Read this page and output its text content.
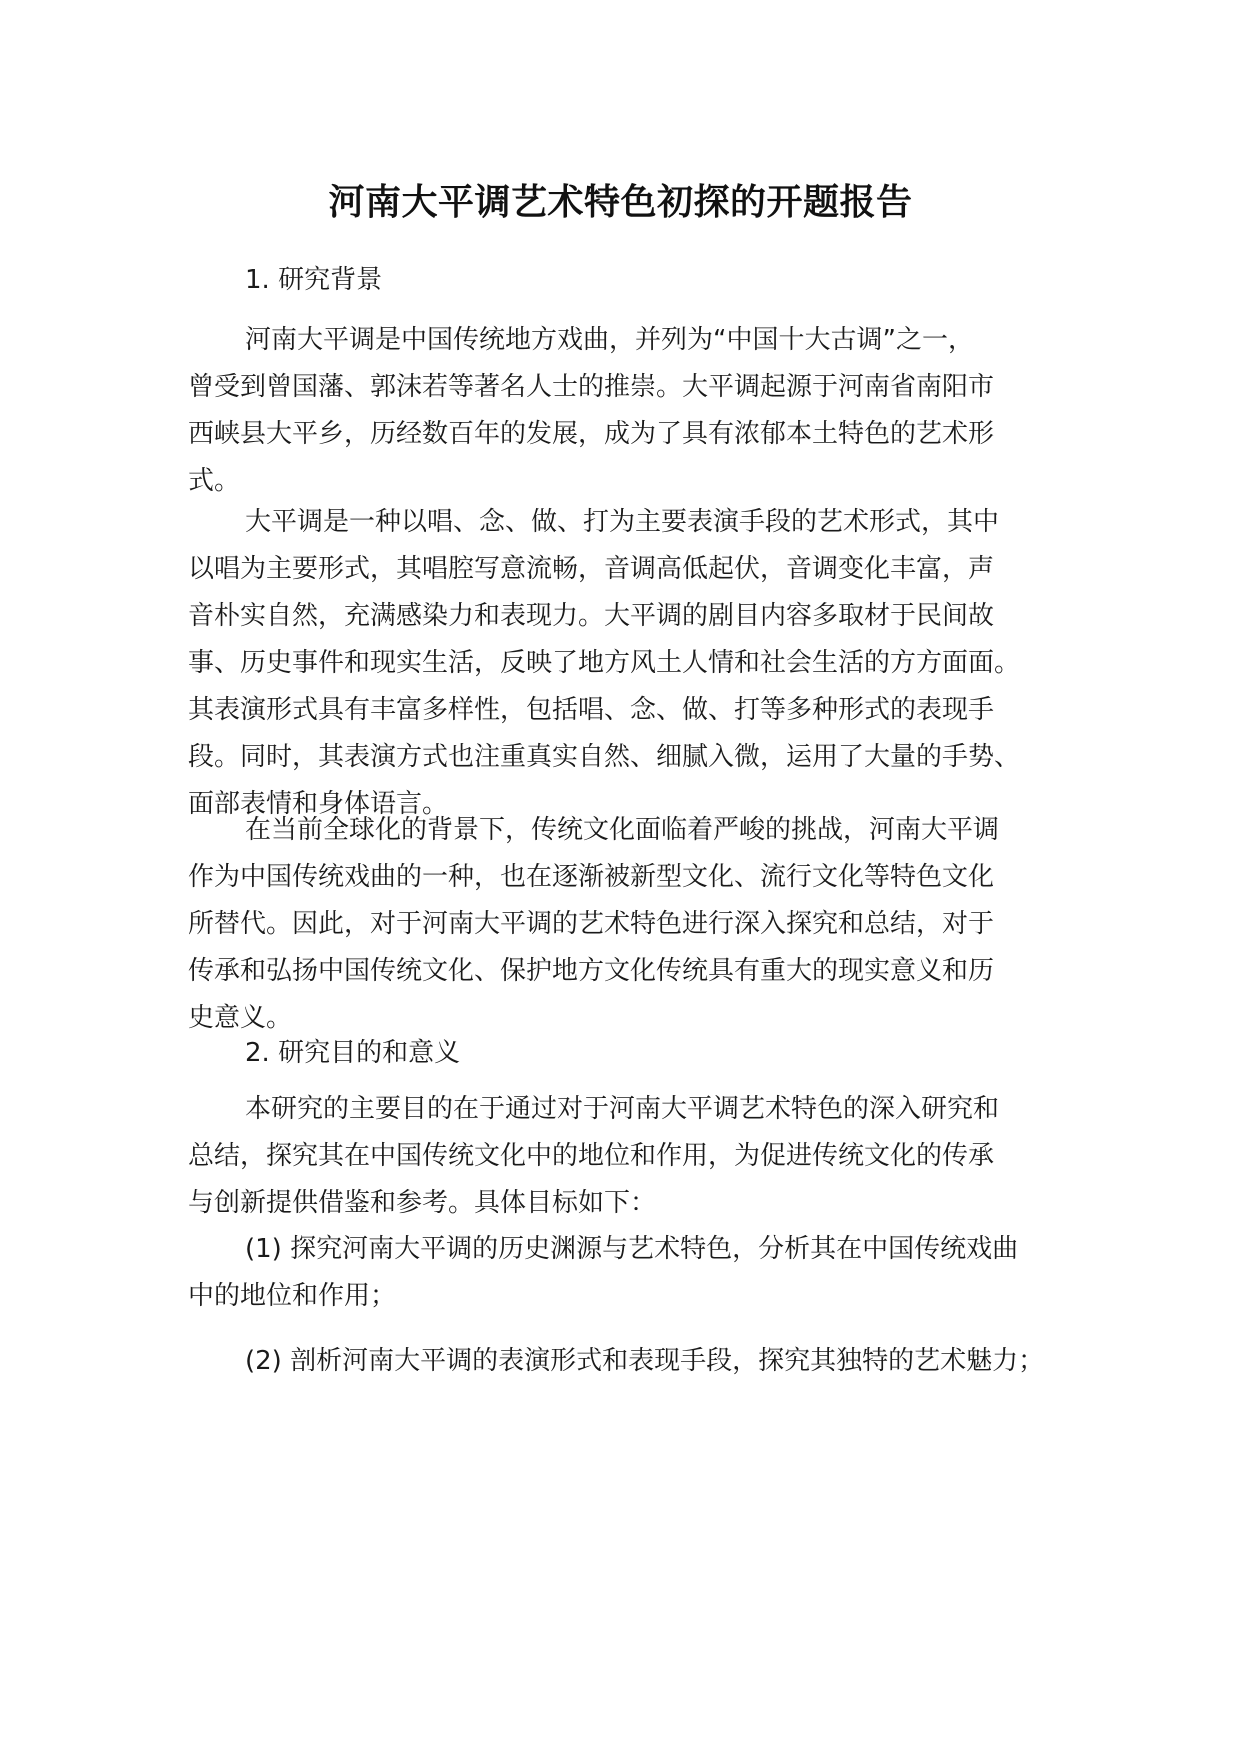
河南大平调艺术特色初探的开题报告
1. 研究背景
河南大平调是中国传统地方戏曲，并列为“中国十大古调”之一，
曾受到曾国藩、郭沫若等著名人士的推崇。大平调起源于河南省南阳市
西峡县大平乡，历经数百年的发展，成为了具有浓郁本土特色的艺术形
式。
大平调是一种以唱、念、做、打为主要表演手段的艺术形式，其中
以唱为主要形式，其唱腔写意流畅，音调高低起伏，音调变化丰富，声
音朴实自然，充满感染力和表现力。大平调的剧目内容多取材于民间故
事、历史事件和现实生活，反映了地方风土人情和社会生活的方方面面。
其表演形式具有丰富多样性，包括唱、念、做、打等多种形式的表现手
段。同时，其表演方式也注重真实自然、细腻入微，运用了大量的手势、
面部表情和身体语言。
在当前全球化的背景下，传统文化面临着严峻的挑战，河南大平调
作为中国传统戏曲的一种，也在逐渐被新型文化、流行文化等特色文化
所替代。因此，对于河南大平调的艺术特色进行深入探究和总结，对于
传承和弘扬中国传统文化、保护地方文化传统具有重大的现实意义和历
史意义。
2. 研究目的和意义
本研究的主要目的在于通过对于河南大平调艺术特色的深入研究和
总结，探究其在中国传统文化中的地位和作用，为促进传统文化的传承
与创新提供借鉴和参考。具体目标如下：
(1) 探究河南大平调的历史渊源与艺术特色，分析其在中国传统戏曲
中的地位和作用；
(2) 剖析河南大平调的表演形式和表现手段，探究其独特的艺术魅力；
